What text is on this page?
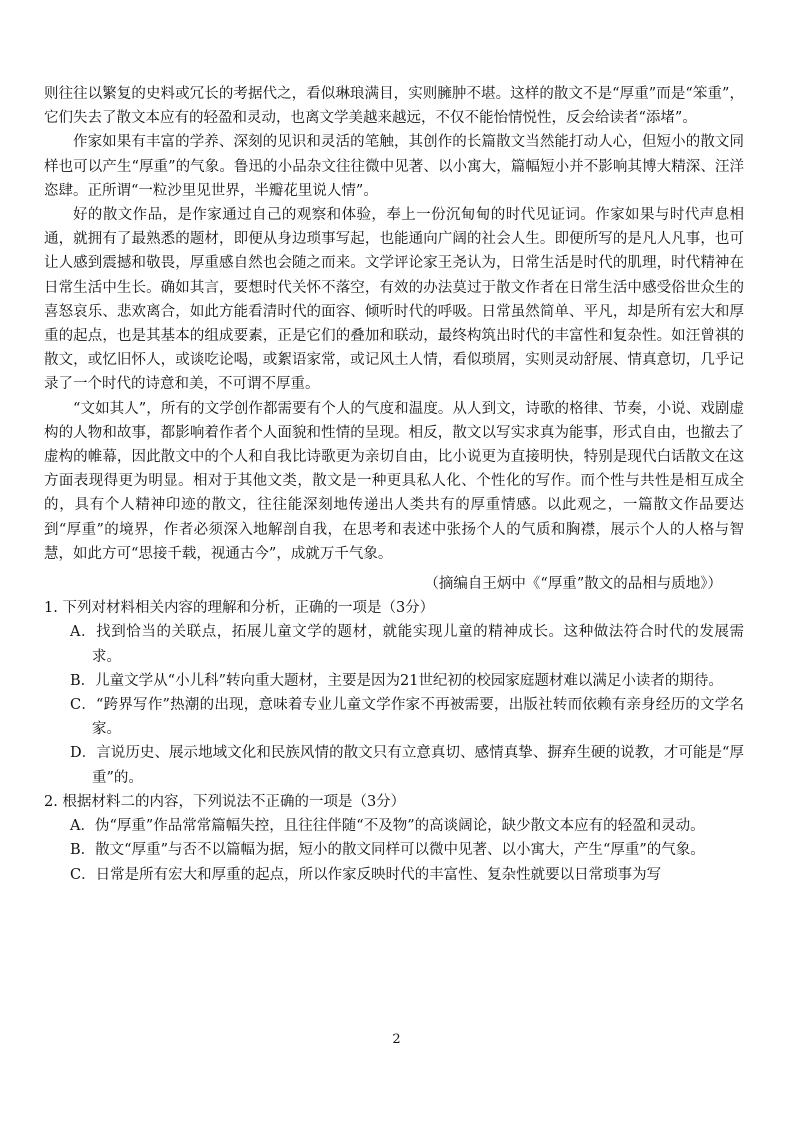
则往往以繁复的史料或冗长的考据代之，看似琳琅满目，实则臃肿不堪。这样的散文不是“厚重”而是“笨重”，它们失去了散文本应有的轻盈和灵动，也离文学美越来越远，不仅不能怡情悦性，反会给读者“添堵”。

作家如果有丰富的学养、深刻的见识和灵活的笔触，其创作的长篇散文当然能打动人心，但短小的散文同样也可以产生“厚重”的气象。鲁迅的小品杂文往往微中见著、以小寓大，篇幅短小并不影响其博大精深、汪洋恣肆。正所谓“一粒沙里见世界，半瓣花里说人情”。

好的散文作品，是作家通过自己的观察和体验，奉上一份沉甸甸的时代见证词。作家如果与时代声息相通，就拥有了最熟悉的题材，即便从身边琐事写起，也能通向广阔的社会人生。即便所写的是凡人凡事，也可让人感到震撼和敬畏，厚重感自然也会随之而来。文学评论家王尧认为，日常生活是时代的肌理，时代精神在日常生活中生长。确如其言，要想时代关怀不落空，有效的办法莫过于散文作者在日常生活中感受俗世众生的喜怒哀乐、悲欢离合，如此方能看清时代的面容、倾听时代的呼吸。日常虽然简单、平凡，却是所有宏大和厚重的起点，也是其基本的组成要素，正是它们的叠加和联动，最终构筑出时代的丰富性和复杂性。如汪曾祺的散文，或忆旧怀人，或谈吃论喝，或絮语家常，或记风土人情，看似琐屑，实则灵动舒展、情真意切，几乎记录了一个时代的诗意和美，不可谓不厚重。

“文如其人”，所有的文学创作都需要有个人的气度和温度。从人到文，诗歌的格律、节奏，小说、戏剧虚构的人物和故事，都影响着作者个人面貌和性情的呈现。相反，散文以写实求真为能事，形式自由，也撤去了虚构的帷幕，因此散文中的个人和自我比诗歌更为亲切自由，比小说更为直接明快，特别是现代白话散文在这方面表现得更为明显。相对于其他文类，散文是一种更具私人化、个性化的写作。而个性与共性是相互成全的，具有个人精神印迹的散文，往往能深刻地传递出人类共有的厚重情感。以此观之，一篇散文作品要达到“厚重”的境界，作者必须深入地解剖自我，在思考和表述中张扬个人的气质和胸襟，展示个人的人格与智慧，如此方可“思接千载，视通古今”，成就万千气象。

（摘编自王炳中《“厚重”散文的品相与质地》）

1. 下列对材料相关内容的理解和分析，正确的一项是（3分）

A．找到恰当的关联点，拓展儿童文学的题材，就能实现儿童的精神成长。这种做法符合时代的发展需求。

B．儿童文学从“小儿科”转向重大题材，主要是因为21世纪初的校园家庭题材难以满足小读者的期待。

C．“跨界写作”热潮的出现，意味着专业儿童文学作家不再被需要，出版社转而依赖有亲身经历的文学名家。

D．言说历史、展示地域文化和民族风情的散文只有立意真切、感情真挚、摒弃生硬的说教，才可能是“厚重”的。

2. 根据材料二的内容，下列说法不正确的一项是（3分）

A．伪“厚重”作品常常篇幅失控，且往往伴随“不及物”的高谈阔论，缺少散文本应有的轻盈和灵动。

B．散文“厚重”与否不以篇幅为据，短小的散文同样可以微中见著、以小寓大，产生“厚重”的气象。

C．日常是所有宏大和厚重的起点，所以作家反映时代的丰富性、复杂性就要以日常琐事为写

2
